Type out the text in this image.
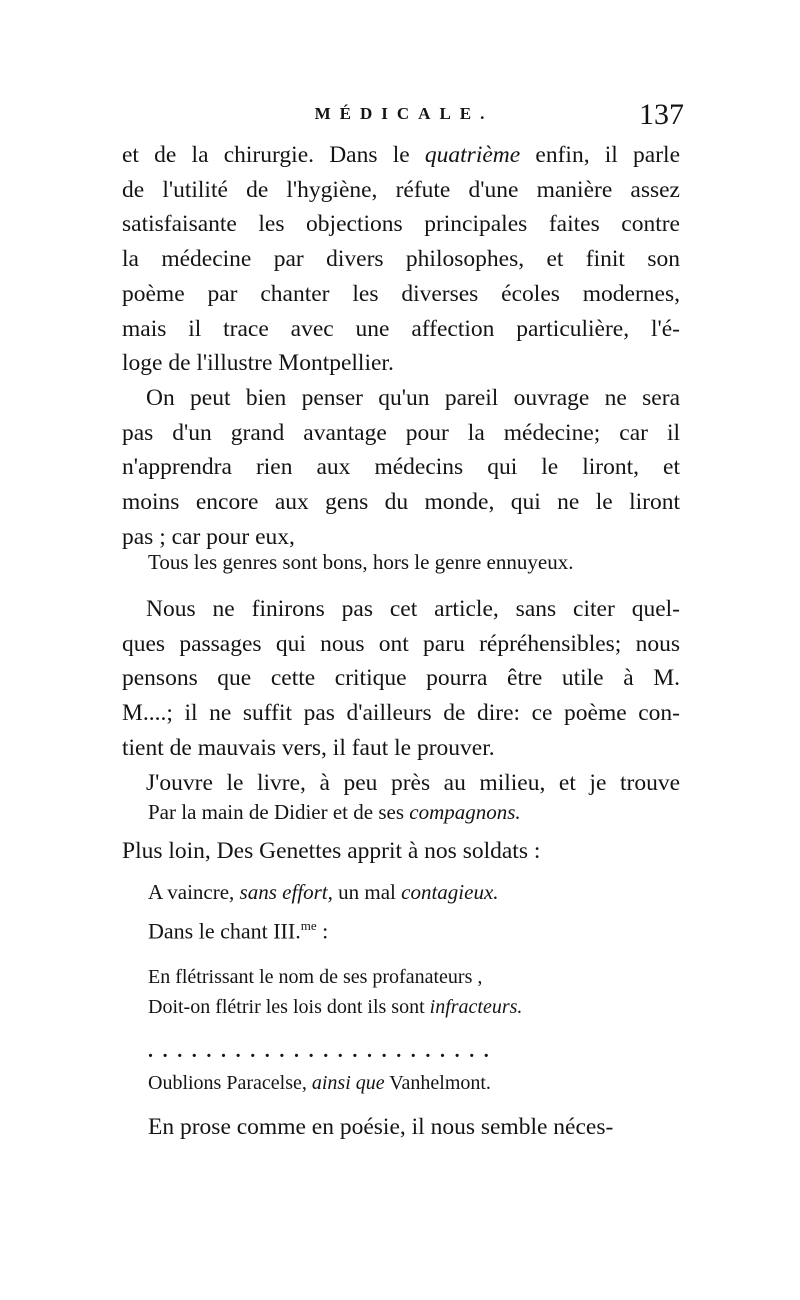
MÉDICALE.	137

et de la chirurgie. Dans le quatrième enfin, il parle

de l'utilité de l'hygiène, réfute d'une manière assez

satisfaisante les objections principales faites contre

la médecine par divers philosophes, et finit son

poème par chanter les diverses écoles modernes,

mais il trace avec une affection particulière, l'é-

loge de l'illustre Montpellier.

On peut bien penser qu'un pareil ouvrage ne sera

pas d'un grand avantage pour la médecine; car il

n'apprendra rien aux médecins qui le liront, et

moins encore aux gens du monde, qui ne le liront

pas ; car pour eux,

Tous les genres sont bons, hors le genre ennuyeux.

Nous ne finirons pas cet article, sans citer quel-

ques passages qui nous ont paru répréhensibles; nous

pensons que cette critique pourra être utile à M.

M....; il ne suffit pas d'ailleurs de dire: ce poème con-

tient de mauvais vers, il faut le prouver.

J'ouvre le livre, à peu près au milieu, et je trouve

Par la main de Didier et de ses compagnons.
Plus loin, Des Genettes apprit à nos soldats :
A vaincre, sans effort, un mal contagieux.
Dans le chant III.$^{me}$ :
En flétrissant le nom de ses profanateurs ,
Doit-on flétrir les lois dont ils sont infracteurs.
........................
Oublions Paracelse, ainsi que Vanhelmont.
En prose comme en poésie, il nous semble néces-
